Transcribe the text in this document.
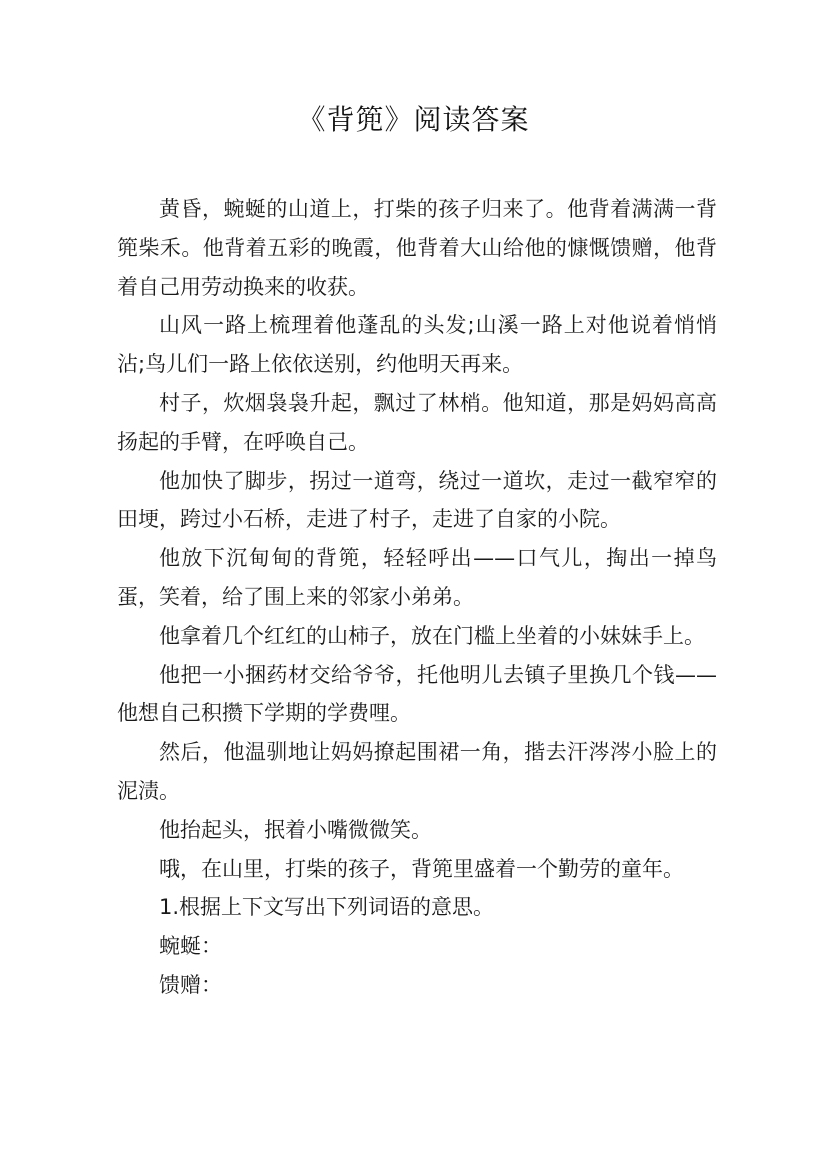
《背篼》阅读答案

黄昏，蜿蜒的山道上，打柴的孩子归来了。他背着满满一背篼柴禾。他背着五彩的晚霞，他背着大山给他的慷慨馈赠，他背着自己用劳动换来的收获。

山风一路上梳理着他蓬乱的头发;山溪一路上对他说着悄悄沾;鸟儿们一路上依依送别，约他明天再来。

村子，炊烟袅袅升起，飘过了林梢。他知道，那是妈妈高高扬起的手臂，在呼唤自己。

他加快了脚步，拐过一道弯，绕过一道坎，走过一截窄窄的田埂，跨过小石桥，走进了村子，走进了自家的小院。

他放下沉甸甸的背篼，轻轻呼出——口气儿，掏出一掉鸟蛋，笑着，给了围上来的邻家小弟弟。

他拿着几个红红的山柿子，放在门槛上坐着的小妹妹手上。

他把一小捆药材交给爷爷，托他明儿去镇子里换几个钱——他想自己积攒下学期的学费哩。

然后，他温驯地让妈妈撩起围裙一角，揩去汗涔涔小脸上的泥渍。

他抬起头，抿着小嘴微微笑。

哦，在山里，打柴的孩子，背篼里盛着一个勤劳的童年。

1.根据上下文写出下列词语的意思。

蜿蜒：

馈赠：
